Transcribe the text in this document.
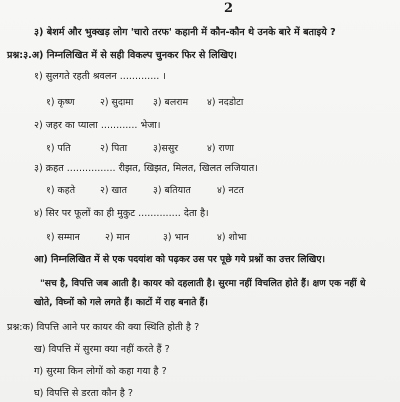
2
३) बेशर्म और भुक्खड़ लोग 'चारो तरफ' कहानी में कौन-कौन थे उनके बारे में बताइये ?
प्रश्न:३.अ) निम्नलिखित में से सही विकल्प चुनकर फिर से लिखिए।
१) सुलगते रहती श्रवलन ............. ।
१) कृष्ण	२) सुदामा ३) बलराम ४) नदडोटा
२) जहर का प्याला ............ भेजा।
१) पति	२) पिता	३)ससुर	४) राणा
३) क्रहत ................ रीझत, खिझत, मिलत, खिलत लजियात।
१) कहते	२) खात	३) बतियात	४) नटत
४) सिर पर फूलों का ही मुकुट .............. देता है।
१) सम्मान	२) मान	३) भान	४) शोभा
आ) निम्नलिखित में से एक पदयांश को पढ़कर उस पर पूछे गये प्रश्नों का उत्तर लिखिए।
"सच है, विपत्ति जब आती है। कायर को दहलाती है। सुरमा नहीं विचलित होते हैं। क्षण एक नहीं धे
खोते, विघ्नों को गले लगते हैं। काटों में राह बनाते हैं।
प्रश्न:क) विपत्ति आने पर कायर की क्या स्थिति होती है ?
ख) विपत्ति में सुरमा क्या नहीं करते हैं ?
ग) सुरमा किन लोगों को कहा गया है ?
घ) विपत्ति से डरता कौन है ?
